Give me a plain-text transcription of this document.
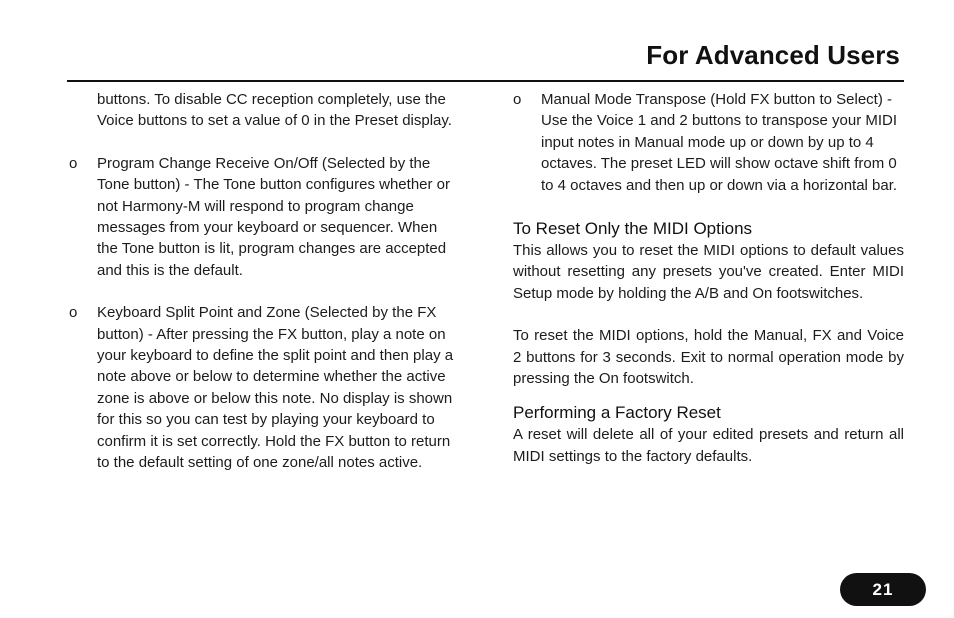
For Advanced Users

buttons. To disable CC reception completely, use the Voice buttons to set a value of 0 in the Preset display.

o Program Change Receive On/Off (Selected by the Tone button) - The Tone button configures whether or not Harmony-M will respond to program change messages from your keyboard or sequencer. When the Tone button is lit, program changes are accepted and this is the default.

o Keyboard Split Point and Zone (Selected by the FX button) - After pressing the FX button, play a note on your keyboard to define the split point and then play a note above or below to determine whether the active zone is above or below this note. No display is shown for this so you can test by playing your keyboard to confirm it is set correctly. Hold the FX button to return to the default setting of one zone/all notes active.

o Manual Mode Transpose (Hold FX button to Select) - Use the Voice 1 and 2 buttons to transpose your MIDI input notes in Manual mode up or down by up to 4 octaves. The preset LED will show octave shift from 0 to 4 octaves and then up or down via a horizontal bar.

To Reset Only the MIDI Options

This allows you to reset the MIDI options to default values without resetting any presets you've created. Enter MIDI Setup mode by holding the A/B and On footswitches.

To reset the MIDI options, hold the Manual, FX and Voice 2 buttons for 3 seconds. Exit to normal operation mode by pressing the On footswitch.

Performing a Factory Reset

A reset will delete all of your edited presets and return all MIDI settings to the factory defaults.

21
